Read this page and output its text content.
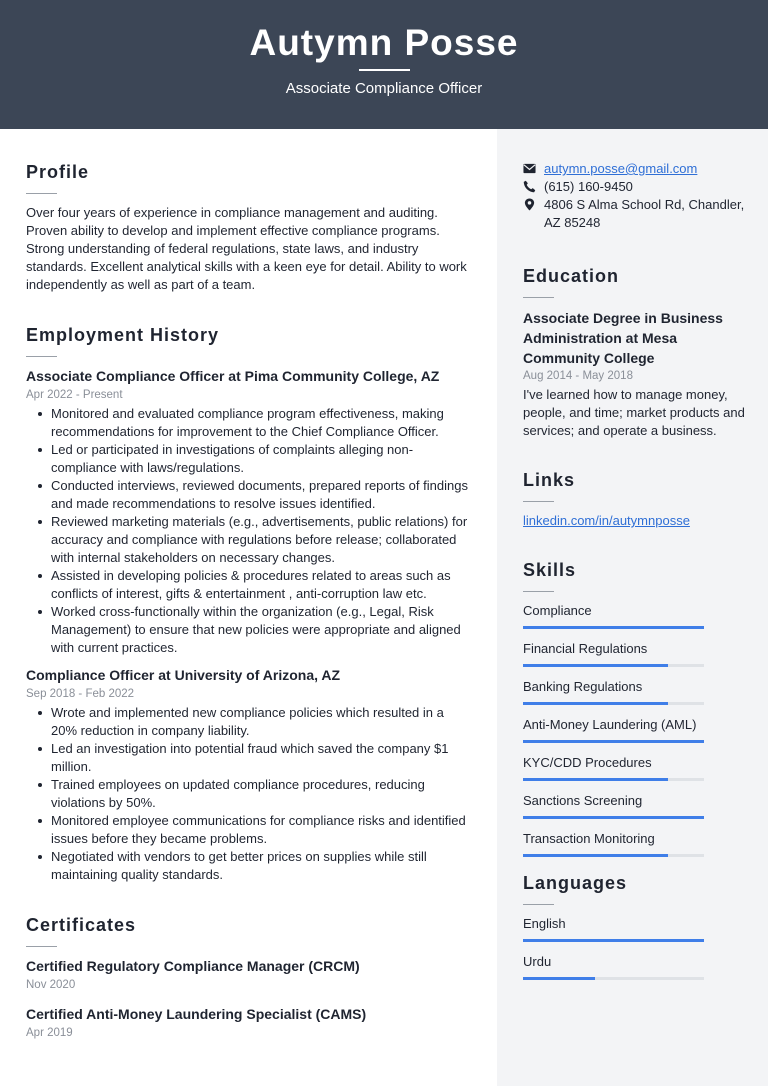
Autymn Posse
Associate Compliance Officer
Profile
Over four years of experience in compliance management and auditing. Proven ability to develop and implement effective compliance programs. Strong understanding of federal regulations, state laws, and industry standards. Excellent analytical skills with a keen eye for detail. Ability to work independently as well as part of a team.
Employment History
Associate Compliance Officer at Pima Community College, AZ
Apr 2022 - Present
Monitored and evaluated compliance program effectiveness, making recommendations for improvement to the Chief Compliance Officer.
Led or participated in investigations of complaints alleging non-compliance with laws/regulations.
Conducted interviews, reviewed documents, prepared reports of findings and made recommendations to resolve issues identified.
Reviewed marketing materials (e.g., advertisements, public relations) for accuracy and compliance with regulations before release; collaborated with internal stakeholders on necessary changes.
Assisted in developing policies & procedures related to areas such as conflicts of interest, gifts & entertainment , anti-corruption law etc.
Worked cross-functionally within the organization (e.g., Legal, Risk Management) to ensure that new policies were appropriate and aligned with current practices.
Compliance Officer at University of Arizona, AZ
Sep 2018 - Feb 2022
Wrote and implemented new compliance policies which resulted in a 20% reduction in company liability.
Led an investigation into potential fraud which saved the company $1 million.
Trained employees on updated compliance procedures, reducing violations by 50%.
Monitored employee communications for compliance risks and identified issues before they became problems.
Negotiated with vendors to get better prices on supplies while still maintaining quality standards.
Certificates
Certified Regulatory Compliance Manager (CRCM)
Nov 2020
Certified Anti-Money Laundering Specialist (CAMS)
Apr 2019
autymn.posse@gmail.com
(615) 160-9450
4806 S Alma School Rd, Chandler,
AZ 85248
Education
Associate Degree in Business Administration at Mesa Community College
Aug 2014 - May 2018
I've learned how to manage money, people, and time; market products and services; and operate a business.
Links
linkedin.com/in/autymnposse
Skills
Compliance
Financial Regulations
Banking Regulations
Anti-Money Laundering (AML)
KYC/CDD Procedures
Sanctions Screening
Transaction Monitoring
Languages
English
Urdu
